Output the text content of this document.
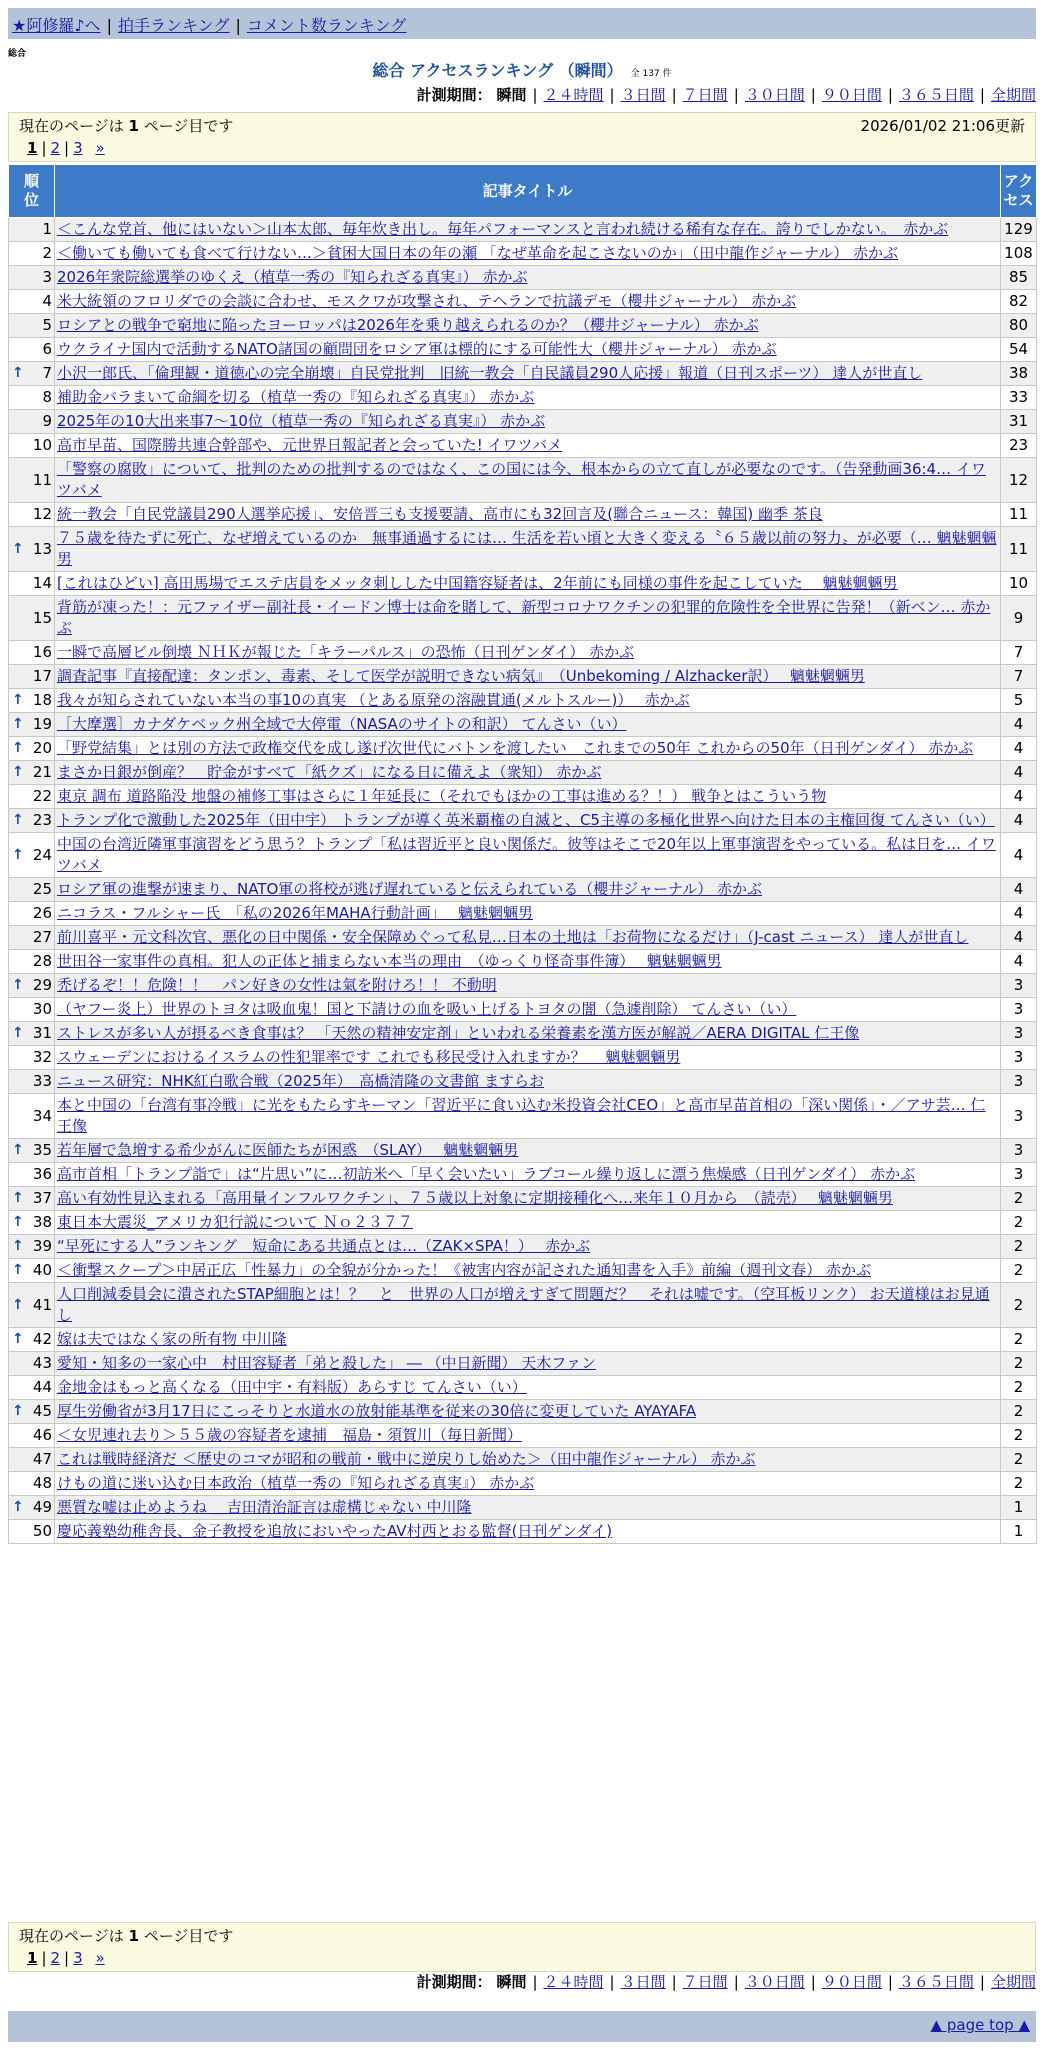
★阿修羅♪へ | 拍手ランキング | コメント数ランキング
総合
総合 アクセスランキング （瞬間） 全 137 件
計測期間： 瞬間 | ２４時間 | ３日間 | ７日間 | ３０日間 | ９０日間 | ３６５日間 | 全期間
現在のページは 1 ページ目です	2026/01/02 21:06更新
1 | 2 | 3 »
順
位	記事タイトル	アク
セス
1	＜こんな党首、他にはいない＞山本太郎、毎年炊き出し。毎年パフォーマンスと言われ続ける稀有な存在。誇りでしかない。　赤かぶ	129
2	＜働いても働いても食べて行けない…＞貧困大国日本の年の瀬 「なぜ革命を起こさないのか」（田中龍作ジャーナル） 赤かぶ	108
3	2026年衆院総選挙のゆくえ（植草一秀の『知られざる真実』） 赤かぶ	85
4	米大統領のフロリダでの会談に合わせ、モスクワが攻撃され、テヘランで抗議デモ（櫻井ジャーナル） 赤かぶ	82
5	ロシアとの戦争で窮地に陥ったヨーロッパは2026年を乗り越えられるのか？（櫻井ジャーナル） 赤かぶ	80
6	ウクライナ国内で活動するNATO諸国の顧問団をロシア軍は標的にする可能性大（櫻井ジャーナル） 赤かぶ	54

↑ 7	小沢一郎氏、「倫理観・道徳心の完全崩壊」自民党批判　旧統一教会「自民議員290人応援」報道（日刊スポーツ） 達人が世直し	38
8	補助金バラまいて命綱を切る（植草一秀の『知られざる真実』） 赤かぶ	33
9	2025年の10大出来事7～10位（植草一秀の『知られざる真実』） 赤かぶ	31
10	高市早苗、国際勝共連合幹部や、元世界日報記者と会っていた! イワツバメ	23
11	「警察の腐敗」について、批判のための批判するのではなく、この国には今、根本からの立て直しが必要なのです。（告発動画36:4… イワツバメ	12
12	統一教会「自民党議員290人選挙応援」、安倍晋三も支援要請、高市にも32回言及(聯合ニュース：韓国) 幽季 茶良	11

↑ 13	７５歳を待たずに死亡、なぜ増えているのか　無事通過するには… 生活を若い頃と大きく変える〝６５歳以前の努力〟が必要（… 魑魅魍魎男	11
14	[これはひどい] 高田馬場でエステ店員をメッタ刺しした中国籍容疑者は、2年前にも同様の事件を起こしていた　 魑魅魍魎男	10
15	背筋が凍った！：元ファイザー副社長・イードン博士は命を賭して、新型コロナワクチンの犯罪的危険性を全世界に告発！（新ベン… 赤かぶ	9
16	一瞬で高層ビル倒壊 ＮＨＫが報じた「キラーパルス」の恐怖（日刊ゲンダイ） 赤かぶ	7
17	調査記事『直接配達：タンポン、毒素、そして医学が説明できない病気』　（Unbekoming / Alzhacker訳）　 魑魅魍魎男	7

↑ 18	我々が知らされていない本当の事10の真実 （とある原発の溶融貫通(メルトスルー)）　 赤かぶ	5

↑ 19	［大摩選］カナダケベック州全域で大停電（NASAのサイトの和訳） てんさい（い）	4

↑ 20	「野党結集」とは別の方法で政権交代を成し遂げ次世代にバトンを渡したい　これまでの50年 これからの50年（日刊ゲンダイ） 赤かぶ	4

↑ 21	まさか日銀が倒産？　貯金がすべて「紙クズ」になる日に備えよ（衆知） 赤かぶ	4
22	東京 調布 道路陥没 地盤の補修工事はさらに１年延長に（それでもほかの工事は進める？！） 戦争とはこういう物	4

↑ 23	トランプ化で激動した2025年（田中宇） トランプが導く英米覇権の自滅と、C5主導の多極化世界へ向けた日本の主権回復 てんさい（い）	4

↑ 24	中国の台湾近隣軍事演習をどう思う？トランプ「私は習近平と良い関係だ。彼等はそこで20年以上軍事演習をやっている。私は日を… イワツバメ	4
25	ロシア軍の進撃が速まり、NATO軍の将校が逃げ遅れていると伝えられている（櫻井ジャーナル） 赤かぶ	4
26	ニコラス・フルシャー氏　「私の2026年MAHA行動計画」　 魑魅魍魎男	4
27	前川喜平・元文科次官、悪化の日中関係・安全保障めぐって私見…日本の土地は「お荷物になるだけ」（J-cast ニュース） 達人が世直し	4
28	世田谷一家事件の真相。犯人の正体と捕まらない本当の理由　（ゆっくり怪奇事件簿）　 魑魅魍魎男	4

↑ 29	禿げるぞ！！危険！！　パン好きの女性は氣を附けろ！！ 不動明	3
30	（ヤフー炎上）世界のトヨタは吸血鬼！国と下請けの血を吸い上げるトヨタの闇（急遽削除） てんさい（い）	3

↑ 31	ストレスが多い人が摂るべき食事は？ 「天然の精神安定剤」といわれる栄養素を漢方医が解説／AERA DIGITAL 仁王像	3
32	スウェーデンにおけるイスラムの性犯罪率です これでも移民受け入れますか？　 魑魅魍魎男	3
33	ニュース研究：NHK紅白歌合戦（2025年）　高橋清隆の文書館 ますらお	3
34	本と中国の「台湾有事冷戦」に光をもたらすキーマン「習近平に食い込む米投資会社CEO」と高市早苗首相の「深い関係」・／アサ芸… 仁王像	3

↑ 35	若年層で急増する希少がんに医師たちが困惑　（SLAY）　 魑魅魍魎男	3
36	高市首相「トランプ詣で」は“片思い”に…初訪米へ「早く会いたい」ラブコール繰り返しに漂う焦燥感（日刊ゲンダイ） 赤かぶ	3

↑ 37	高い有効性見込まれる「高用量インフルワクチン」、７５歳以上対象に定期接種化へ…来年１０月から　（読売）　 魑魅魍魎男	2

↑ 38	東日本大震災_アメリカ犯行説について Ｎｏ２３７７	2

↑ 39	“早死にする人”ランキング　短命にある共通点とは…（ZAK×SPA！）　 赤かぶ	2

↑ 40	＜衝撃スクープ＞中居正広「性暴力」の全貌が分かった！《被害内容が記された通知書を入手》前編（週刊文春） 赤かぶ	2

↑ 41	人口削減委員会に潰されたSTAP細胞とは！？　と　世界の人口が増えすぎて問題だ？　それは嘘です。（空耳板リンク） お天道様はお見通し	2

↑ 42	嫁は夫ではなく家の所有物 中川隆	2
43	愛知・知多の一家心中　村田容疑者「弟と殺した」 ― （中日新聞） 天木ファン	2
44	金地金はもっと高くなる（田中宇・有料版）あらすじ てんさい（い）	2

↑ 45	厚生労働省が3月17日にこっそりと水道水の放射能基準を従来の30倍に変更していた AYAYAFA	2
46	＜女児連れ去り＞５５歳の容疑者を逮捕　福島・須賀川（毎日新聞）	2
47	これは戦時経済だ ＜歴史のコマが昭和の戦前・戦中に逆戻りし始めた＞（田中龍作ジャーナル） 赤かぶ	2
48	けもの道に迷い込む日本政治（植草一秀の『知られざる真実』） 赤かぶ	2

↑ 49	悪質な嘘は止めようね ＿吉田清治証言は虚構じゃない 中川隆	1
50	慶応義塾幼稚舎長、金子教授を追放においやったAV村西とおる監督(日刊ゲンダイ)	1
現在のページは 1 ページ目です
1 | 2 | 3 »
計測期間： 瞬間 | ２４時間 | ３日間 | ７日間 | ３０日間 | ９０日間 | ３６５日間 | 全期間
▲ page top ▲
